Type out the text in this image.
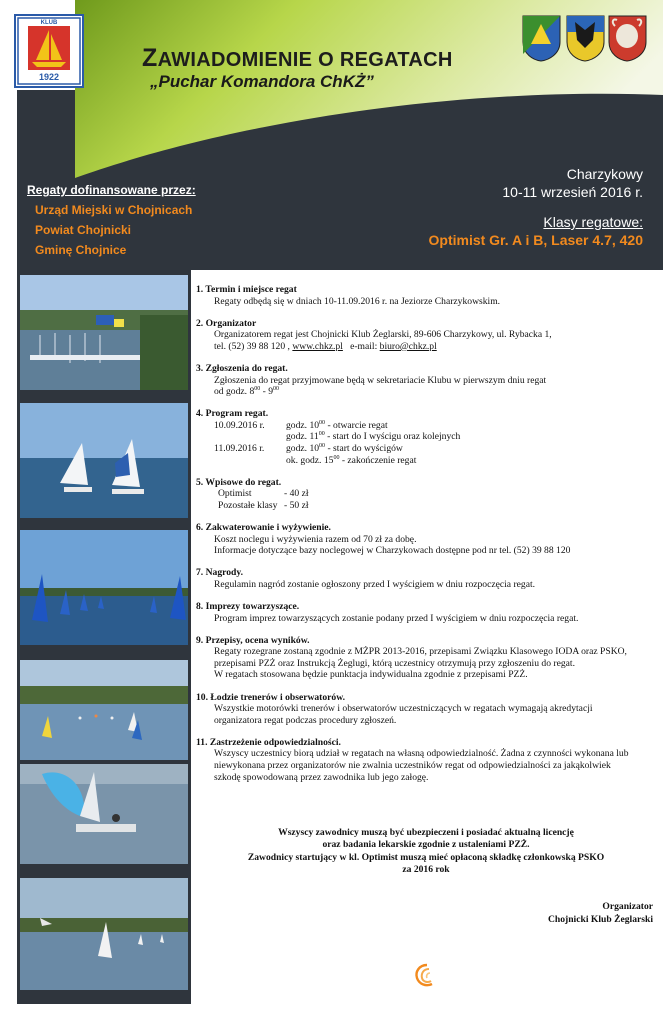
KLUB
1922
ZAWIADOMIENIE O REGATACH
„Puchar Komandora ChKŻ”
Regaty dofinansowane przez:
Urząd Miejski w Chojnicach
Powiat Chojnicki
Gminę Chojnice
Charzykowy
10-11 wrzesień 2016 r.
Klasy regatowe:
Optimist Gr. A i B, Laser 4.7, 420
1. Termin i miejsce regat
Regaty odbędą się w dniach 10-11.09.2016 r. na Jeziorze Charzykowskim.
2. Organizator
Organizatorem regat jest Chojnicki Klub Żeglarski, 89-606 Charzykowy, ul. Rybacka 1,
tel. (52) 39 88 120 , www.chkz.pl e-mail: biuro@chkz.pl
3. Zgłoszenia do regat.
Zgłoszenia do regat przyjmowane będą w sekretariacie Klubu w pierwszym dniu regat
od godz. $8^{00} - 9^{00}$
4. Program regat.
10.09.2016 r.	godz. $10^{00}$ - otwarcie regat
godz. $11^{00}$ - start do I wyścigu oraz kolejnych
11.09.2016 r.	godz. $10^{00}$ - start do wyścigów
ok. godz. $15^{00}$ - zakończenie regat
5. Wpisowe do regat.
Optimist	- 40 zł
Pozostałe klasy - 50 zł
6. Zakwaterowanie i wyżywienie.
Koszt noclegu i wyżywienia razem od 70 zł za dobę.
Informacje dotyczące bazy noclegowej w Charzykowach dostępne pod nr tel. (52) 39 88 120
7. Nagrody.
Regulamin nagród zostanie ogłoszony przed I wyścigiem w dniu rozpoczęcia regat.
8. Imprezy towarzyszące.
Program imprez towarzyszących zostanie podany przed I wyścigiem w dniu rozpoczęcia regat.
9. Przepisy, ocena wyników.
Regaty rozegrane zostaną zgodnie z MŻPR 2013-2016, przepisami Związku Klasowego IODA oraz PSKO,
przepisami PZŻ oraz Instrukcją Żeglugi, którą uczestnicy otrzymują przy zgłoszeniu do regat.
W regatach stosowana będzie punktacja indywidualna zgodnie z przepisami PZŻ.
10. Łodzie trenerów i obserwatorów.
Wszystkie motorówki trenerów i obserwatorów uczestniczących w regatach wymagają akredytacji
organizatora regat podczas procedury zgłoszeń.
11. Zastrzeżenie odpowiedzialności.
Wszyscy uczestnicy biorą udział w regatach na własną odpowiedzialność. Żadna z czynności wykonana lub
niewykonana przez organizatorów nie zwalnia uczestników regat od odpowiedzialności za jakąkolwiek
szkodę spowodowaną przez zawodnika lub jego załogę.
Wszyscy zawodnicy muszą być ubezpieczeni i posiadać aktualną licencję
oraz badania lekarskie zgodnie z ustaleniami PZŻ.
Zawodnicy startujący w kl. Optimist muszą mieć opłaconą składkę członkowską PSKO
za 2016 rok
Organizator
Chojnicki Klub Żeglarski
